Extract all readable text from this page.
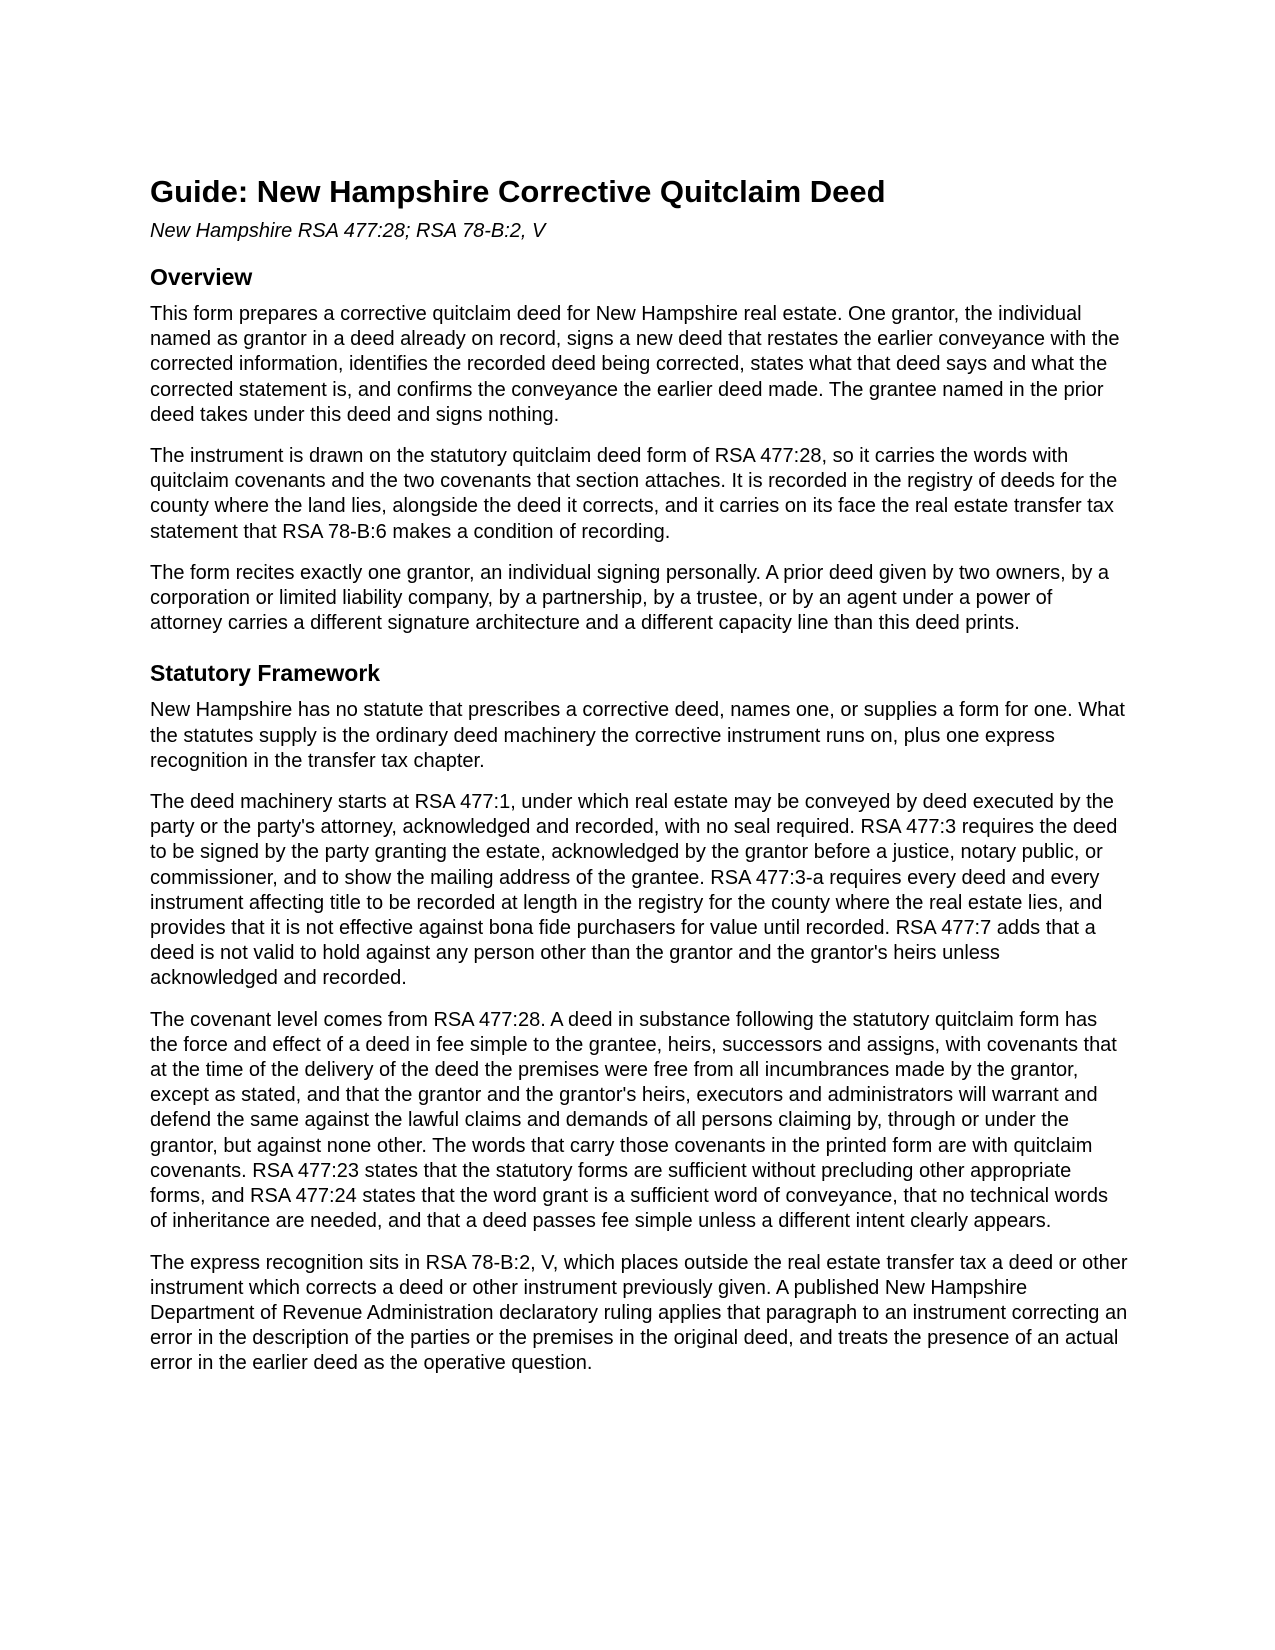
Guide: New Hampshire Corrective Quitclaim Deed
New Hampshire RSA 477:28; RSA 78-B:2, V
Overview

This form prepares a corrective quitclaim deed for New Hampshire real estate. One grantor, the individual named as grantor in a deed already on record, signs a new deed that restates the earlier conveyance with the corrected information, identifies the recorded deed being corrected, states what that deed says and what the corrected statement is, and confirms the conveyance the earlier deed made. The grantee named in the prior deed takes under this deed and signs nothing.

The instrument is drawn on the statutory quitclaim deed form of RSA 477:28, so it carries the words with quitclaim covenants and the two covenants that section attaches. It is recorded in the registry of deeds for the county where the land lies, alongside the deed it corrects, and it carries on its face the real estate transfer tax statement that RSA 78-B:6 makes a condition of recording.

The form recites exactly one grantor, an individual signing personally. A prior deed given by two owners, by a corporation or limited liability company, by a partnership, by a trustee, or by an agent under a power of attorney carries a different signature architecture and a different capacity line than this deed prints.

Statutory Framework

New Hampshire has no statute that prescribes a corrective deed, names one, or supplies a form for one. What the statutes supply is the ordinary deed machinery the corrective instrument runs on, plus one express recognition in the transfer tax chapter.

The deed machinery starts at RSA 477:1, under which real estate may be conveyed by deed executed by the party or the party's attorney, acknowledged and recorded, with no seal required. RSA 477:3 requires the deed to be signed by the party granting the estate, acknowledged by the grantor before a justice, notary public, or commissioner, and to show the mailing address of the grantee. RSA 477:3-a requires every deed and every instrument affecting title to be recorded at length in the registry for the county where the real estate lies, and provides that it is not effective against bona fide purchasers for value until recorded. RSA 477:7 adds that a deed is not valid to hold against any person other than the grantor and the grantor's heirs unless acknowledged and recorded.

The covenant level comes from RSA 477:28. A deed in substance following the statutory quitclaim form has the force and effect of a deed in fee simple to the grantee, heirs, successors and assigns, with covenants that at the time of the delivery of the deed the premises were free from all incumbrances made by the grantor, except as stated, and that the grantor and the grantor's heirs, executors and administrators will warrant and defend the same against the lawful claims and demands of all persons claiming by, through or under the grantor, but against none other. The words that carry those covenants in the printed form are with quitclaim covenants. RSA 477:23 states that the statutory forms are sufficient without precluding other appropriate forms, and RSA 477:24 states that the word grant is a sufficient word of conveyance, that no technical words of inheritance are needed, and that a deed passes fee simple unless a different intent clearly appears.

The express recognition sits in RSA 78-B:2, V, which places outside the real estate transfer tax a deed or other instrument which corrects a deed or other instrument previously given. A published New Hampshire Department of Revenue Administration declaratory ruling applies that paragraph to an instrument correcting an error in the description of the parties or the premises in the original deed, and treats the presence of an actual error in the earlier deed as the operative question.
